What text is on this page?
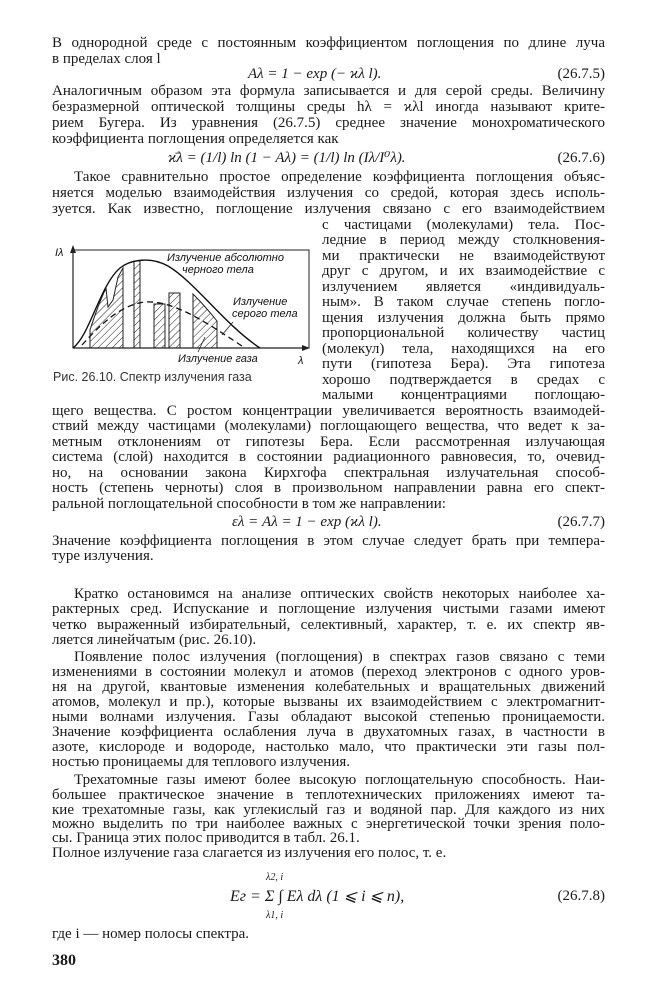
В однородной среде с постоянным коэффициентом поглощения по длине луча
в пределах слоя l
Aλ = 1 − exp (− ϰλ l).	(26.7.5)
Аналогичным образом эта формула записывается и для серой среды. Величину
безразмерной оптической толщины среды hλ = ϰλl иногда называют крите-
рием Бугера. Из уравнения (26.7.5) среднее значение монохроматического
коэффициента поглощения определяется как
ϰ̄λ = (1/l) ln (1 − Aλ) = (1/l) ln (Iλ/I⁰λ).	(26.7.6)
Такое сравнительно простое определение коэффициента поглощения объяс-
няется моделью взаимодействия излучения со средой, которая здесь исполь-
зуется. Как известно, поглощение излучения связано с его взаимодействием
с частицами (молекулами) тела. Пос-
ледние в период между столкновения-
ми практически не взаимодействуют
друг с другом, и их взаимодействие с
излучением является «индивидуаль-
ным». В таком случае степень погло-
щения излучения должна быть прямо
пропорциональной количеству частиц
(молекул) тела, находящихся на его
пути (гипотеза Бера). Эта гипотеза
хорошо подтверждается в средах с
малыми концентрациями поглощаю-
Iλ
λ
Излучение абсолютно
черного тела
Излучение
серого тела
Излучение газа
Рис. 26.10. Спектр излучения газа
щего вещества. С ростом концентрации увеличивается вероятность взаимодей-
ствий между частицами (молекулами) поглощающего вещества, что ведет к за-
метным отклонениям от гипотезы Бера. Если рассмотренная излучающая
система (слой) находится в состоянии радиационного равновесия, то, очевид-
но, на основании закона Кирхгофа спектральная излучательная способ-
ность (степень черноты) слоя в произвольном направлении равна его спект-
ральной поглощательной способности в том же направлении:
ελ = Aλ = 1 − exp (ϰλ l).	(26.7.7)
Значение коэффициента поглощения в этом случае следует брать при темпера-
туре излучения.
Кратко остановимся на анализе оптических свойств некоторых наиболее ха-
рактерных сред. Испускание и поглощение излучения чистыми газами имеют
четко выраженный избирательный, селективный, характер, т. е. их спектр яв-
ляется линейчатым (рис. 26.10).
Появление полос излучения (поглощения) в спектрах газов связано с теми
изменениями в состоянии молекул и атомов (переход электронов с одного уров-
ня на другой, квантовые изменения колебательных и вращательных движений
атомов, молекул и пр.), которые вызваны их взаимодействием с электромагнит-
ными волнами излучения. Газы обладают высокой степенью проницаемости.
Значение коэффициента ослабления луча в двухатомных газах, в частности в
азоте, кислороде и водороде, настолько мало, что практически эти газы пол-
ностью проницаемы для теплового излучения.
Трехатомные газы имеют более высокую поглощательную способность. Наи-
большее практическое значение в теплотехнических приложениях имеют та-
кие трехатомные газы, как углекислый газ и водяной пар. Для каждого из них
можно выделить по три наиболее важных с энергетической точки зрения поло-
сы. Граница этих полос приводится в табл. 26.1.
Полное излучение газа слагается из излучения его полос, т. е.
λ2, i
Eг = Σ ∫ Eλ dλ (1 ⩽ i ⩽ n),
λ1, i
(26.7.8)
где i — номер полосы спектра.
380
